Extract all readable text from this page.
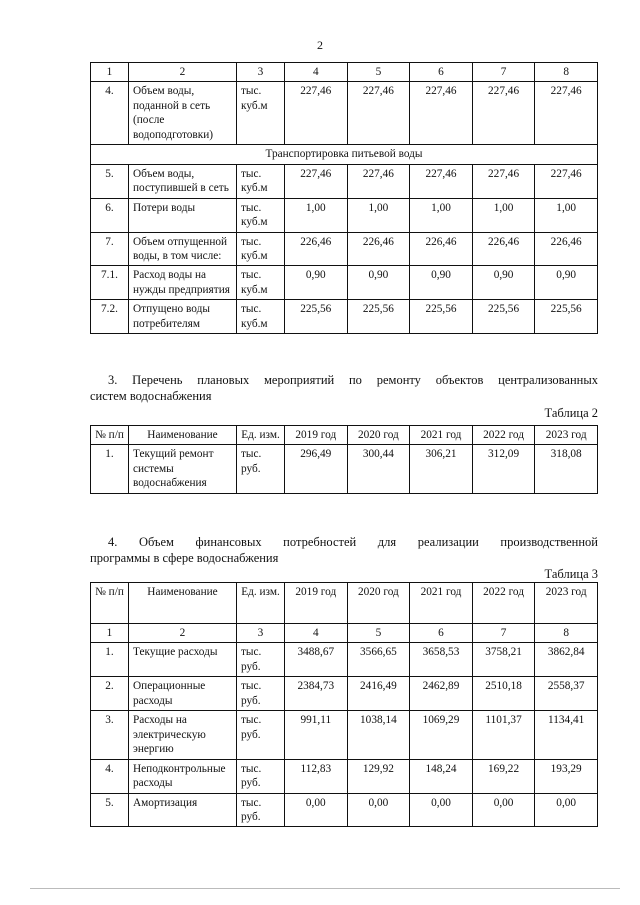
2
1	2	3	4	5	6	7	8
4.	Объем воды, поданной в сеть (после водоподготовки)	тыс. куб.м	227,46	227,46	227,46	227,46	227,46
Транспортировка питьевой воды							
5.	Объем воды, поступившей в сеть	тыс. куб.м	227,46	227,46	227,46	227,46	227,46
6.	Потери воды	тыс. куб.м	1,00	1,00	1,00	1,00	1,00
7.	Объем отпущенной воды, в том числе:	тыс. куб.м	226,46	226,46	226,46	226,46	226,46
7.1.	Расход воды на нужды предприятия	тыс. куб.м	0,90	0,90	0,90	0,90	0,90
7.2.	Отпущено воды потребителям	тыс. куб.м	225,56	225,56	225,56	225,56	225,56
3. Перечень плановых мероприятий по ремонту объектов централизованных
систем водоснабжения
Таблица 2
№ п/п	Наименование	Ед. изм.	2019 год	2020 год	2021 год	2022 год	2023 год
1.	Текущий ремонт системы водоснабжения	тыс. руб.	296,49	300,44	306,21	312,09	318,08
4. Объем финансовых потребностей для реализации производственной
программы в сфере водоснабжения
Таблица 3
№ п/п	Наименование	Ед. изм.	2019 год	2020 год	2021 год	2022 год	2023 год
1	2	3	4	5	6	7	8
1.	Текущие расходы	тыс. руб.	3488,67	3566,65	3658,53	3758,21	3862,84
2.	Операционные расходы	тыс. руб.	2384,73	2416,49	2462,89	2510,18	2558,37
3.	Расходы на электрическую энергию	тыс. руб.	991,11	1038,14	1069,29	1101,37	1134,41
4.	Неподконтрольные расходы	тыс. руб.	112,83	129,92	148,24	169,22	193,29
5.	Амортизация	тыс. руб.	0,00	0,00	0,00	0,00	0,00
